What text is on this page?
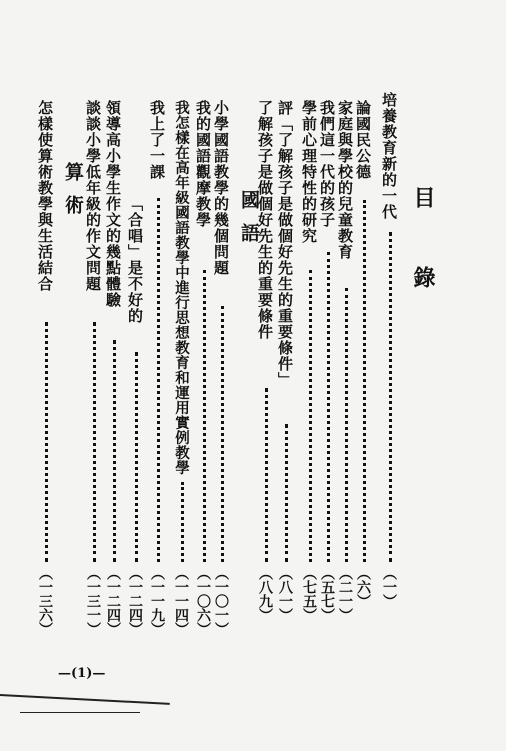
目錄
培養教育新的一代
（一）
論國民公德
（六）
家庭與學校的兒童教育
（二一）
我們這一代的孩子
（五七）
學前心理特性的研究
（七五）
評「了解孩子是做個好先生的重要條件」
（八一）
了解孩子是做個好先生的重要條件
（八九）
國語
小學國語教學的幾個問題
（一〇一）
我的國語觀摩教學
（一〇六）
我怎樣在高年級國語教學中進行思想教育和運用實例教學
（一一四）
我上了一課
（一一九）
「合唱」是不好的
（一二四）
領導高小學生作文的幾點體驗
（一二四）
談談小學低年級的作文問題
（一三一）
算術
怎樣使算術教學與生活結合
（一三六）
—(1)—
